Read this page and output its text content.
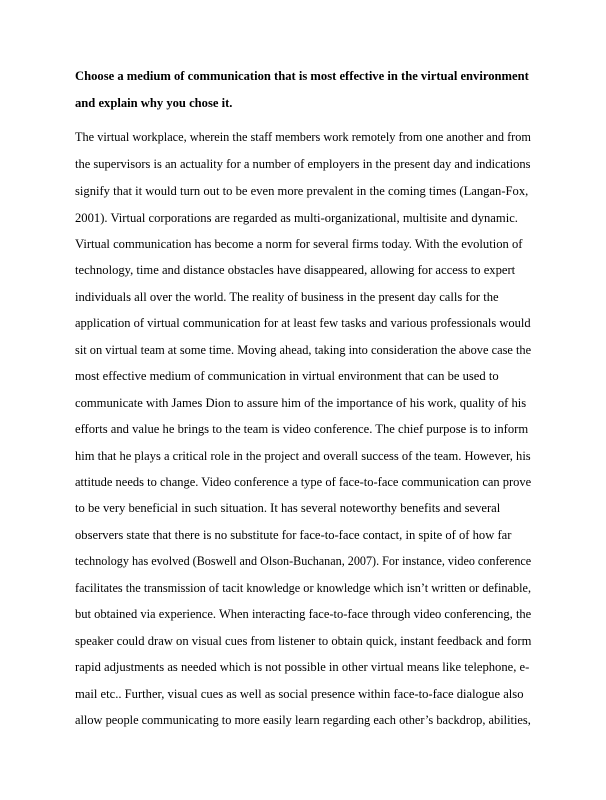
Choose a medium of communication that is most effective in the virtual environment
and explain why you chose it.
The virtual workplace, wherein the staff members work remotely from one another and from
the supervisors is an actuality for a number of employers in the present day and indications
signify that it would turn out to be even more prevalent in the coming times (Langan-Fox,
2001). Virtual corporations are regarded as multi-organizational, multisite and dynamic.
Virtual communication has become a norm for several firms today. With the evolution of
technology, time and distance obstacles have disappeared, allowing for access to expert
individuals all over the world. The reality of business in the present day calls for the
application of virtual communication for at least few tasks and various professionals would
sit on virtual team at some time. Moving ahead, taking into consideration the above case the
most effective medium of communication in virtual environment that can be used to
communicate with James Dion to assure him of the importance of his work, quality of his
efforts and value he brings to the team is video conference. The chief purpose is to inform
him that he plays a critical role in the project and overall success of the team. However, his
attitude needs to change. Video conference a type of face-to-face communication can prove
to be very beneficial in such situation. It has several noteworthy benefits and several
observers state that there is no substitute for face-to-face contact, in spite of of how far
technology has evolved (Boswell and Olson-Buchanan, 2007). For instance, video conference
facilitates the transmission of tacit knowledge or knowledge which isn’t written or definable,
but obtained via experience. When interacting face-to-face through video conferencing, the
speaker could draw on visual cues from listener to obtain quick, instant feedback and form
rapid adjustments as needed which is not possible in other virtual means like telephone, e-
mail etc.. Further, visual cues as well as social presence within face-to-face dialogue also
allow people communicating to more easily learn regarding each other’s backdrop, abilities,
